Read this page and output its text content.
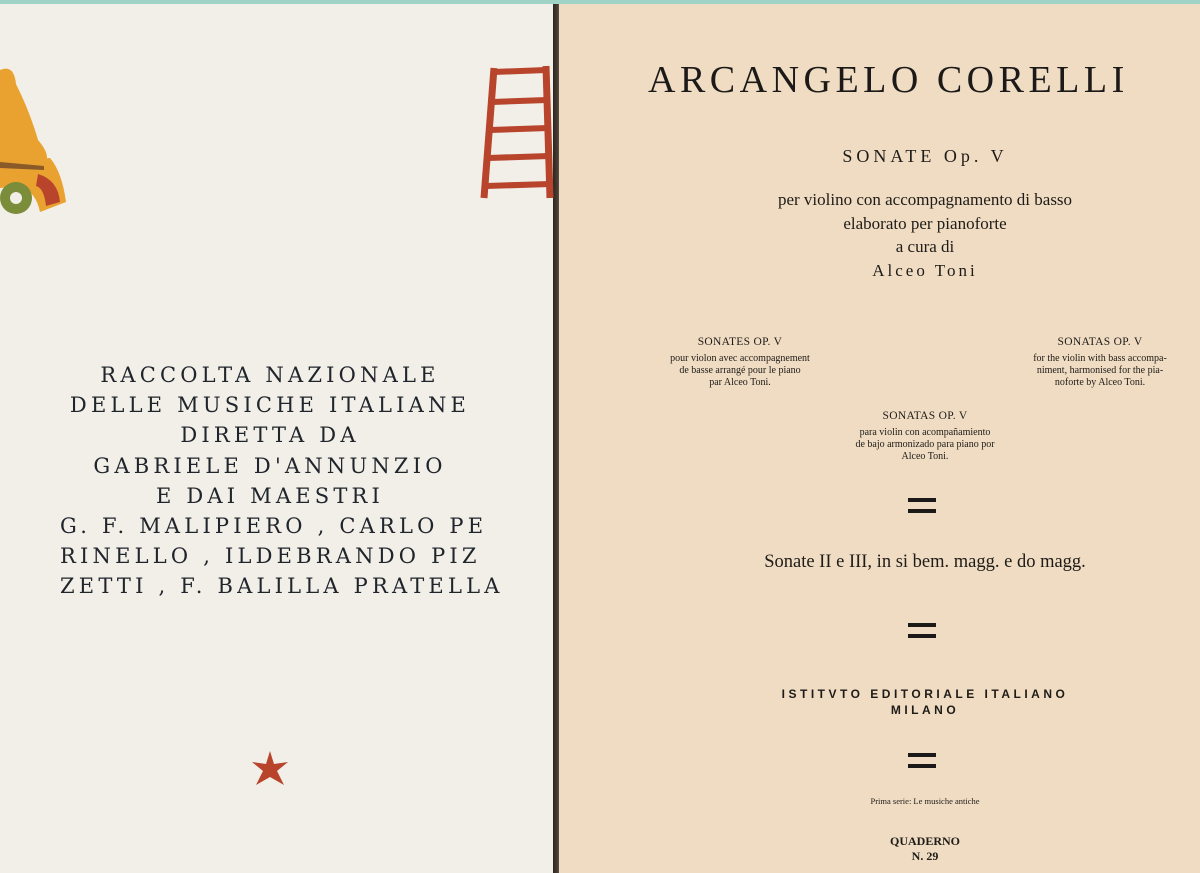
RACCOLTA NAZIONALE
DELLE MUSICHE ITALIANE
DIRETTA DA
GABRIELE D'ANNUNZIO
E DAI MAESTRI
G. F. MALIPIERO , CARLO PE
RINELLO , ILDEBRANDO PIZ
ZETTI , F. BALILLA PRATELLA
ARCANGELO CORELLI
SONATE Op. V
per violino con accompagnamento di basso
elaborato per pianoforte
a cura di
Alceo Toni
SONATES OP. V
pour violon avec accompagnement
de basse arrangé pour le piano
par Alceo Toni.
SONATAS OP. V
for the violin with bass accompa-
niment, harmonised for the pia-
noforte by Alceo Toni.
SONATAS OP. V
para violin con acompañamiento
de bajo armonizado para piano por
Alceo Toni.
Sonate II e III, in si bem. magg. e do magg.
ISTITVTO EDITORIALE ITALIANO
MILANO
Prima serie: Le musiche antiche
QUADERNO
N. 29
